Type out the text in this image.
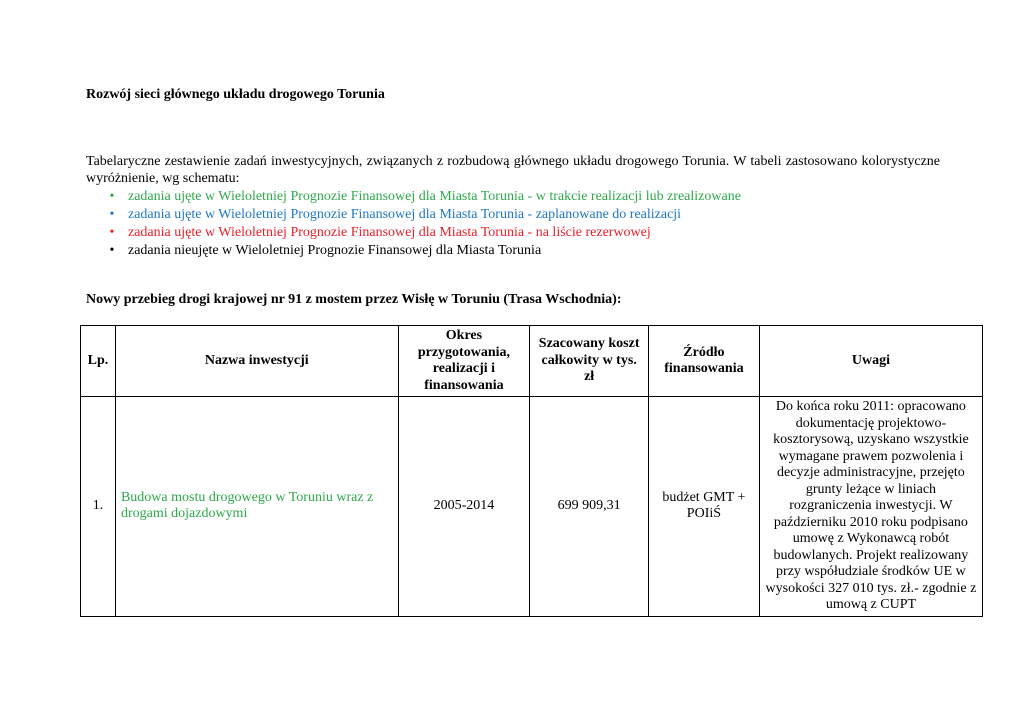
Rozwój sieci głównego układu drogowego Torunia
Tabelaryczne zestawienie zadań inwestycyjnych, związanych z rozbudową głównego układu drogowego Torunia. W tabeli zastosowano kolorystyczne wyróżnienie, wg schematu:
• zadania ujęte w Wieloletniej Prognozie Finansowej dla Miasta Torunia - w trakcie realizacji lub zrealizowane
• zadania ujęte w Wieloletniej Prognozie Finansowej dla Miasta Torunia - zaplanowane do realizacji
• zadania ujęte w Wieloletniej Prognozie Finansowej dla Miasta Torunia - na liście rezerwowej
• zadania nieujęte w Wieloletniej Prognozie Finansowej dla Miasta Torunia
Nowy przebieg drogi krajowej nr 91 z mostem przez Wisłę w Toruniu (Trasa Wschodnia):
Lp.	Nazwa inwestycji	Okres przygotowania, realizacji i finansowania	Szacowany koszt całkowity w tys. zł	Źródło finansowania	Uwagi
1.	Budowa mostu drogowego w Toruniu wraz z drogami dojazdowymi	2005-2014	699 909,31	budżet GMT + POIiŚ	Do końca roku 2011: opracowano dokumentację projektowo-kosztorysową, uzyskano wszystkie wymagane prawem pozwolenia i decyzje administracyjne, przejęto grunty leżące w liniach rozgraniczenia inwestycji. W październiku 2010 roku podpisano umowę z Wykonawcą robót budowlanych. Projekt realizowany przy współudziale środków UE w wysokości 327 010 tys. zł.- zgodnie z umową z CUPT
